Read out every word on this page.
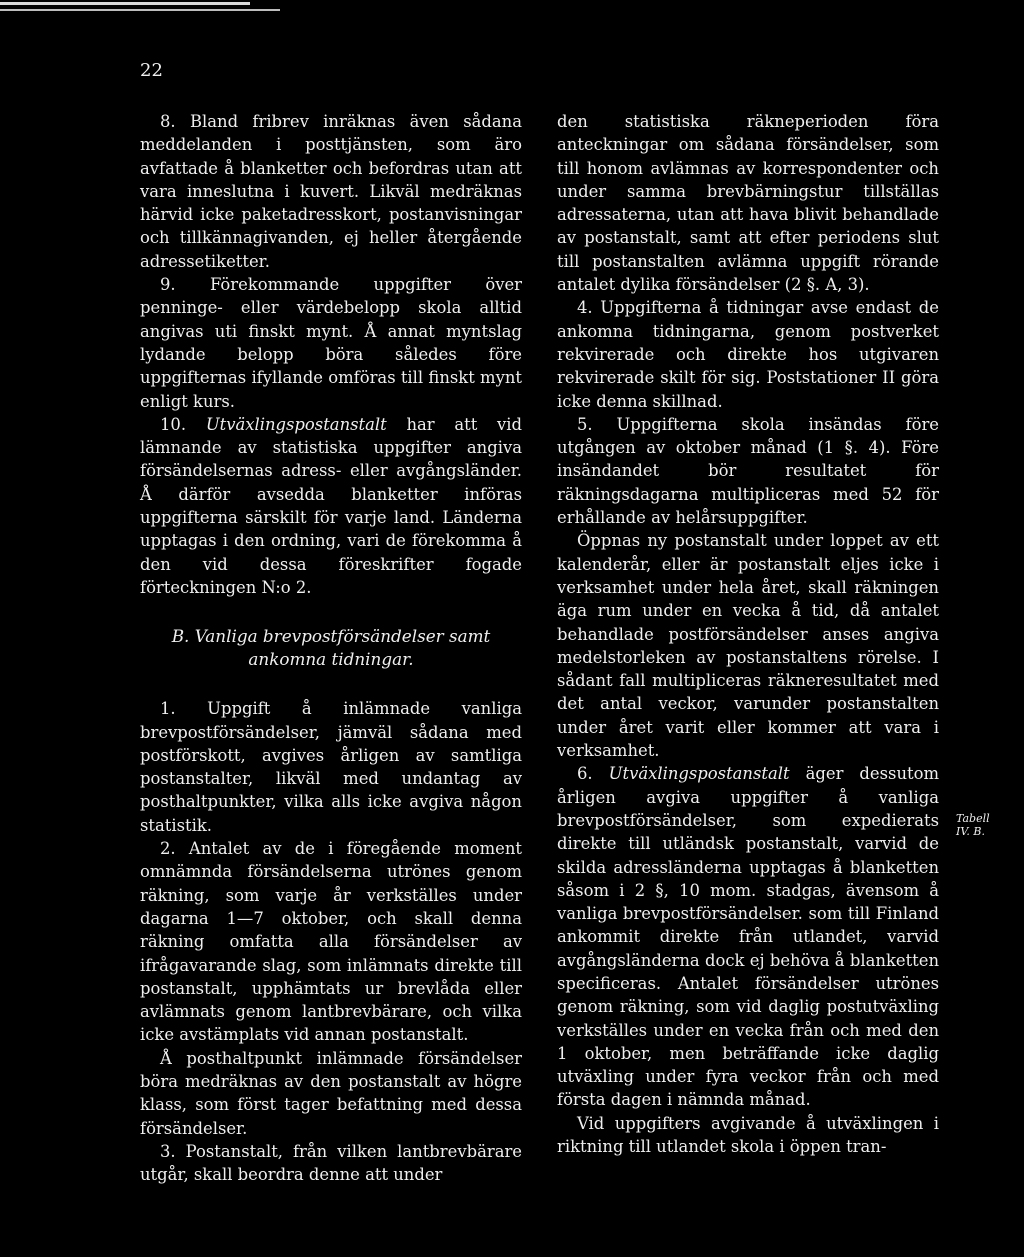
22

8. Bland fribrev inräknas även sådana meddelanden i posttjänsten, som äro avfattade å blanketter och befordras utan att vara inneslutna i kuvert. Likväl medräknas härvid icke paketadresskort, postanvisningar och tillkännagivanden, ej heller återgående adressetiketter.

9. Förekommande uppgifter över penninge- eller värdebelopp skola alltid angivas uti finskt mynt. Å annat myntslag lydande belopp böra således före uppgifternas ifyllande omföras till finskt mynt enligt kurs.

10. Utväxlingspostanstalt har att vid lämnande av statistiska uppgifter angiva försändelsernas adress- eller avgångsländer. Å därför avsedda blanketter införas uppgifterna särskilt för varje land. Länderna upptagas i den ordning, vari de förekomma å den vid dessa föreskrifter fogade förteckningen N:o 2.

B. Vanliga brevpostförsändelser samt ankomna tidningar.

1. Uppgift å inlämnade vanliga brevpostförsändelser, jämväl sådana med postförskott, avgives årligen av samtliga postanstalter, likväl med undantag av posthaltpunkter, vilka alls icke avgiva någon statistik.

2. Antalet av de i föregående moment omnämnda försändelserna utrönes genom räkning, som varje år verkställes under dagarna 1—7 oktober, och skall denna räkning omfatta alla försändelser av ifrågavarande slag, som inlämnats direkte till postanstalt, upphämtats ur brevlåda eller avlämnats genom lantbrevbärare, och vilka icke avstämplats vid annan postanstalt.

Å posthaltpunkt inlämnade försändelser böra medräknas av den postanstalt av högre klass, som först tager befattning med dessa försändelser.

3. Postanstalt, från vilken lantbrevbärare utgår, skall beordra denne att under

den statistiska räkneperioden föra anteckningar om sådana försändelser, som till honom avlämnas av korrespondenter och under samma brevbärningstur tillställas adressaterna, utan att hava blivit behandlade av postanstalt, samt att efter periodens slut till postanstalten avlämna uppgift rörande antalet dylika försändelser (2 §. A, 3).

4. Uppgifterna å tidningar avse endast de ankomna tidningarna, genom postverket rekvirerade och direkte hos utgivaren rekvirerade skilt för sig. Poststationer II göra icke denna skillnad.

5. Uppgifterna skola insändas före utgången av oktober månad (1 §. 4). Före insändandet bör resultatet för räkningsdagarna multipliceras med 52 för erhållande av helårsuppgifter.

Öppnas ny postanstalt under loppet av ett kalenderår, eller är postanstalt eljes icke i verksamhet under hela året, skall räkningen äga rum under en vecka å tid, då antalet behandlade postförsändelser anses angiva medelstorleken av postanstaltens rörelse. I sådant fall multipliceras räkneresultatet med det antal veckor, varunder postanstalten under året varit eller kommer att vara i verksamhet.

6. Utväxlingspostanstalt äger dessutom årligen avgiva uppgifter å vanliga brevpostförsändelser, som expedierats direkte till utländsk postanstalt, varvid de skilda adressländerna upptagas å blanketten såsom i 2 §, 10 mom. stadgas, ävensom å vanliga brevpostförsändelser. som till Finland ankommit direkte från utlandet, varvid avgångsländerna dock ej behöva å blanketten specificeras. Antalet försändelser utrönes genom räkning, som vid daglig postutväxling verkställes under en vecka från och med den 1 oktober, men beträffande icke daglig utväxling under fyra veckor från och med första dagen i nämnda månad.

Vid uppgifters avgivande å utväxlingen i riktning till utlandet skola i öppen tran-

Tabell
IV. B.
